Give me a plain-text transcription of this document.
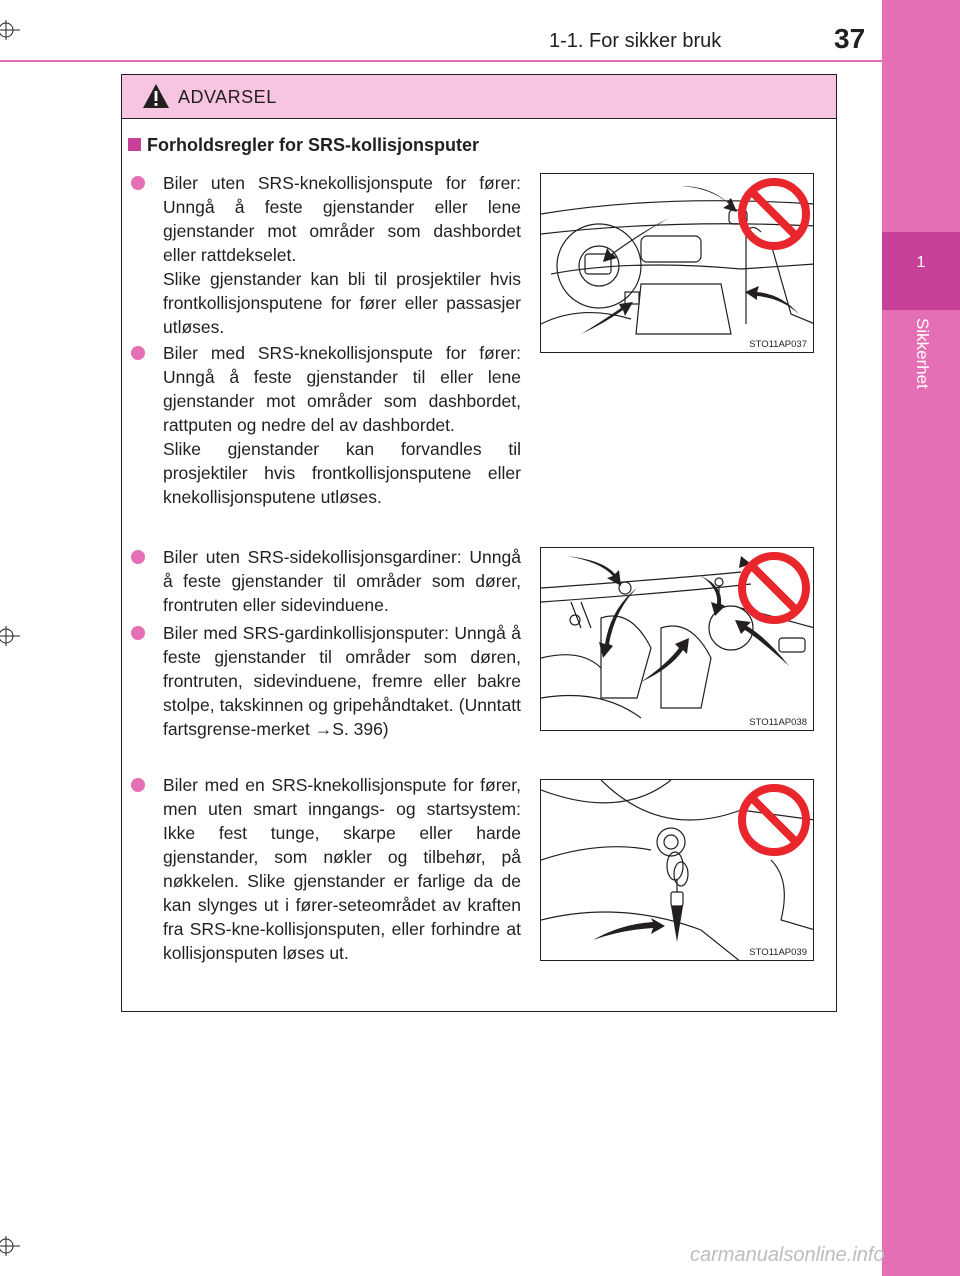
1-1. For sikker bruk	37
1
Sikkerhet
ADVARSEL
Forholdsregler for SRS-kollisjonsputer

Biler uten SRS-knekollisjonspute for fører: Unngå å feste gjenstander eller lene gjenstander mot områder som dashbordet eller rattdekselet.

Slike gjenstander kan bli til prosjektiler hvis frontkollisjonsputene for fører eller passasjer utløses.

Biler med SRS-knekollisjonspute for fører: Unngå å feste gjenstander til eller lene gjenstander mot områder som dashbordet, rattputen og nedre del av dashbordet.

Slike gjenstander kan forvandles til prosjektiler hvis frontkollisjonsputene eller knekollisjonsputene utløses.

Biler uten SRS-sidekollisjonsgardiner: Unngå å feste gjenstander til områder som dører, frontruten eller sidevinduene.

Biler med SRS-gardinkollisjonsputer: Unngå å feste gjenstander til områder som døren, frontruten, sidevinduene, fremre eller bakre stolpe, takskinnen og gripehåndtaket. (Unntatt fartsgrense-merket →S. 396)

Biler med en SRS-knekollisjonspute for fører, men uten smart inngangs- og startsystem: Ikke fest tunge, skarpe eller harde gjenstander, som nøkler og tilbehør, på nøkkelen. Slike gjenstander er farlige da de kan slynges ut i fører-seteområdet av kraften fra SRS-kne-kollisjonsputen, eller forhindre at kollisjonsputen løses ut.

STO11AP037
STO11AP038
STO11AP039
carmanualsonline.info
